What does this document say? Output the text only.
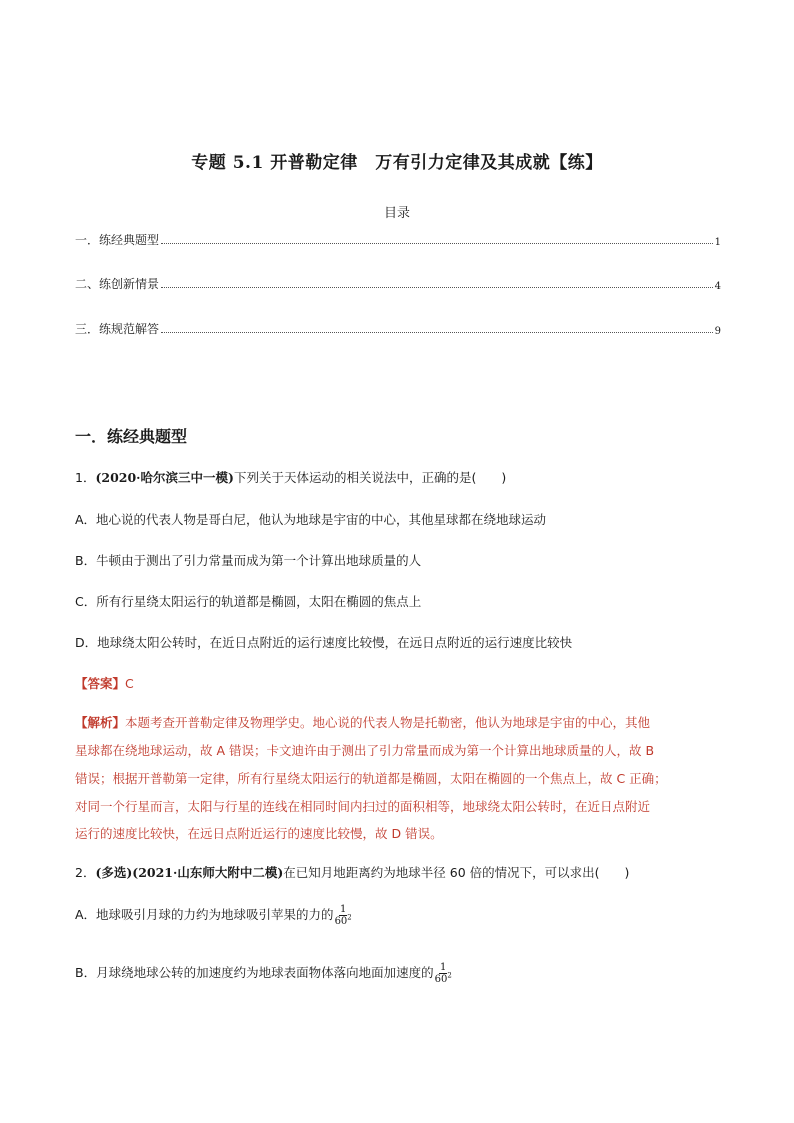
专题 5.1 开普勒定律　万有引力定律及其成就【练】
目录
一．练经典题型	1
二、练创新情景	4
三．练规范解答	9
一．练经典题型
1．(2020·哈尔滨三中一模)下列关于天体运动的相关说法中，正确的是(　　)
A．地心说的代表人物是哥白尼，他认为地球是宇宙的中心，其他星球都在绕地球运动
B．牛顿由于测出了引力常量而成为第一个计算出地球质量的人
C．所有行星绕太阳运行的轨道都是椭圆，太阳在椭圆的焦点上
D．地球绕太阳公转时，在近日点附近的运行速度比较慢，在远日点附近的运行速度比较快
【答案】C
【解析】本题考查开普勒定律及物理学史。地心说的代表人物是托勒密，他认为地球是宇宙的中心，其他
星球都在绕地球运动，故 A 错误；卡文迪许由于测出了引力常量而成为第一个计算出地球质量的人，故 B
错误；根据开普勒第一定律，所有行星绕太阳运行的轨道都是椭圆，太阳在椭圆的一个焦点上，故 C 正确；
对同一个行星而言，太阳与行星的连线在相同时间内扫过的面积相等，地球绕太阳公转时，在近日点附近
运行的速度比较快，在远日点附近运行的速度比较慢，故 D 错误。
2．(多选)(2021·山东师大附中二模)在已知月地距离约为地球半径 60 倍的情况下，可以求出(　　)
A．地球吸引月球的力约为地球吸引苹果的力的 $\frac{1}{60^2}$
B．月球绕地球公转的加速度约为地球表面物体落向地面加速度的 $\frac{1}{60^2}$
